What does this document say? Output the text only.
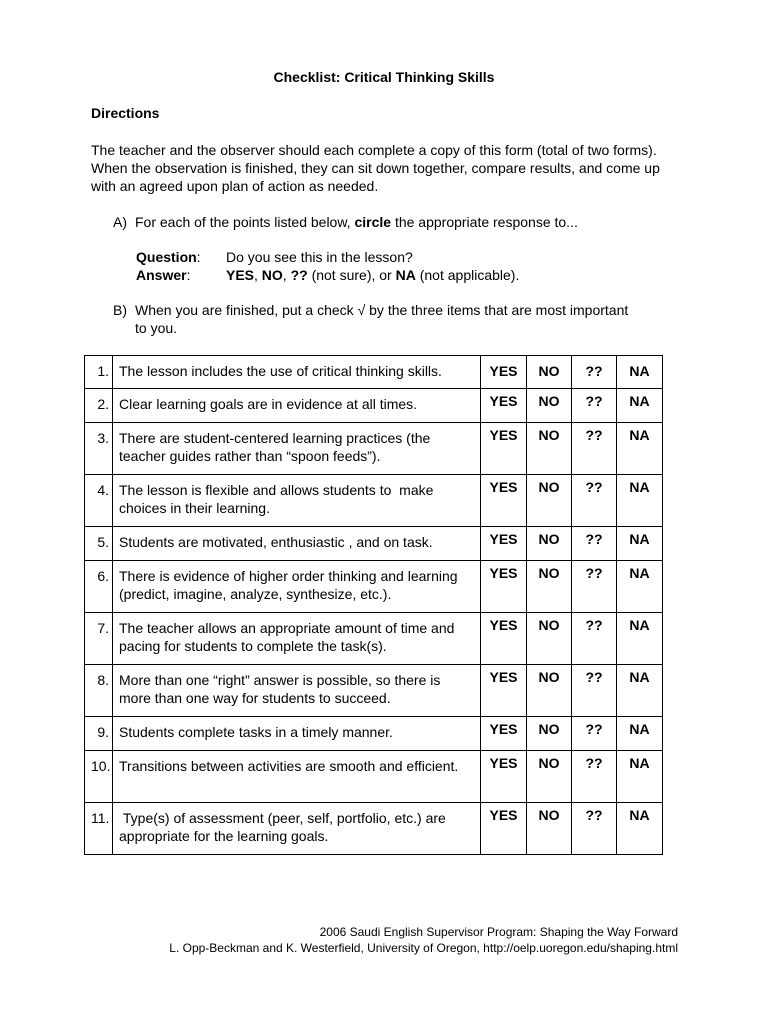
Checklist: Critical Thinking Skills
Directions
The teacher and the observer should each complete a copy of this form (total of two forms). When the observation is finished, they can sit down together, compare results, and come up with an agreed upon plan of action as needed.
A) For each of the points listed below, circle the appropriate response to...
Question: Do you see this in the lesson?
Answer:	YES, NO, ?? (not sure), or NA (not applicable).
B) When you are finished, put a check √ by the three items that are most important
to you.
1.	The lesson includes the use of critical thinking skills.	YES	NO	??	NA
2.	Clear learning goals are in evidence at all times.	YES	NO	??	NA
3.	There are student-centered learning practices (the teacher guides rather than “spoon feeds”).	YES	NO	??	NA
4.	The lesson is flexible and allows students to  make choices in their learning.	YES	NO	??	NA
5.	Students are motivated, enthusiastic , and on task.	YES	NO	??	NA
6.	There is evidence of higher order thinking and learning (predict, imagine, analyze, synthesize, etc.).	YES	NO	??	NA
7.	The teacher allows an appropriate amount of time and pacing for students to complete the task(s).	YES	NO	??	NA
8.	More than one “right” answer is possible, so there is more than one way for students to succeed.	YES	NO	??	NA
9.	Students complete tasks in a timely manner.	YES	NO	??	NA
10.	Transitions between activities are smooth and efficient.	YES	NO	??	NA
11.	Type(s) of assessment (peer, self, portfolio, etc.) are appropriate for the learning goals.	YES	NO	??	NA
2006 Saudi English Supervisor Program: Shaping the Way Forward
L. Opp-Beckman and K. Westerfield, University of Oregon, http://oelp.uoregon.edu/shaping.html
